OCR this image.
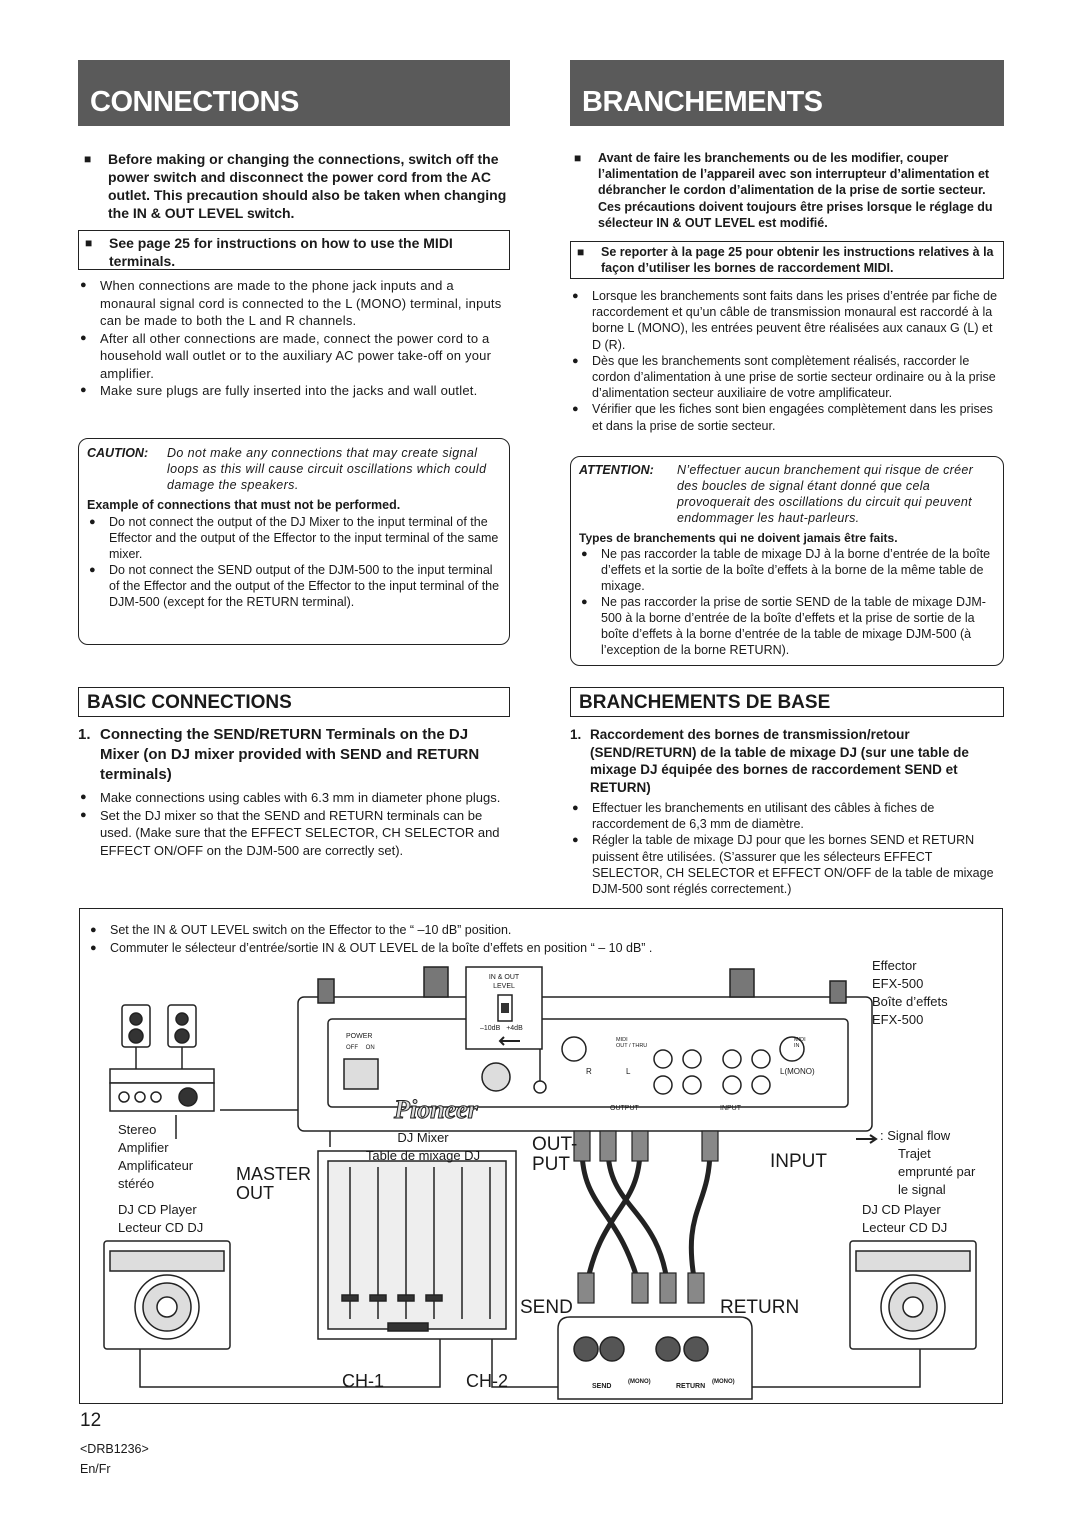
CONNECTIONS
■ Before making or changing the connections, switch off the power switch and disconnect the power cord from the AC outlet. This precaution should also be taken when changing the IN & OUT LEVEL switch.
■ See page 25 for instructions on how to use the MIDI terminals.
● When connections are made to the phone jack inputs and a monaural signal cord is connected to the L (MONO) terminal, inputs can be made to both the L and R channels.
● After all other connections are made, connect the power cord to a household wall outlet or to the auxiliary AC power take-off on your amplifier.
● Make sure plugs are fully inserted into the jacks and wall outlet.
CAUTION: Do not make any connections that may create signal loops as this will cause circuit oscillations which could damage the speakers.
Example of connections that must not be performed.
● Do not connect the output of the DJ Mixer to the input terminal of the Effector and the output of the Effector to the input terminal of the same mixer.
● Do not connect the SEND output of the DJM-500 to the input terminal of the Effector and the output of the Effector to the input terminal of the DJM-500 (except for the RETURN terminal).
BASIC CONNECTIONS
1. Connecting the SEND/RETURN Terminals on the DJ Mixer (on DJ mixer provided with SEND and RETURN terminals)
● Make connections using cables with 6.3 mm in diameter phone plugs.
● Set the DJ mixer so that the SEND and RETURN terminals can be used. (Make sure that the EFFECT SELECTOR, CH SELECTOR and EFFECT ON/OFF on the DJM-500 are correctly set).
BRANCHEMENTS
■ Avant de faire les branchements ou de les modifier, couper l’alimentation de l’appareil avec son interrupteur d’alimentation et débrancher le cordon d’alimentation de la prise de sortie secteur. Ces précautions doivent toujours être prises lorsque le réglage du sélecteur IN & OUT LEVEL est modifié.
■ Se reporter à la page 25 pour obtenir les instructions relatives à la façon d’utiliser les bornes de raccordement MIDI.
● Lorsque les branchements sont faits dans les prises d’entrée par fiche de raccordement et qu’un câble de transmission monaural est raccordé à la borne L (MONO), les entrées peuvent être réalisées aux canaux G (L) et D (R).
● Dès que les branchements sont complètement réalisés, raccorder le cordon d’alimentation à une prise de sortie secteur ordinaire ou à la prise d’alimentation secteur auxiliaire de votre amplificateur.
● Vérifier que les fiches sont bien engagées complètement dans les prises et dans la prise de sortie secteur.
ATTENTION: N’effectuer aucun branchement qui risque de créer des boucles de signal étant donné que cela provoquerait des oscillations du circuit qui peuvent endommager les haut-parleurs.
Types de branchements qui ne doivent jamais être faits.
● Ne pas raccorder la table de mixage DJ à la borne d’entrée de la boîte d’effets et la sortie de la boîte d’effets à la borne de la même table de mixage.
● Ne pas raccorder la prise de sortie SEND de la table de mixage DJM-500 à la borne d’entrée de la boîte d’effets et la prise de sortie de la boîte d’effets à la borne d’entrée de la table de mixage DJM-500 (à l’exception de la borne RETURN).
BRANCHEMENTS DE BASE
1. Raccordement des bornes de transmission/retour (SEND/RETURN) de la table de mixage DJ (sur une table de mixage DJ équipée des bornes de raccordement SEND et RETURN)
● Effectuer les branchements en utilisant des câbles à fiches de raccordement de 6,3 mm de diamètre.
● Régler la table de mixage DJ pour que les bornes SEND et RETURN puissent être utilisées. (S’assurer que les sélecteurs EFFECT SELECTOR, CH SELECTOR et EFFECT ON/OFF de la table de mixage DJM-500 sont réglés correctement.)
● Set the IN & OUT LEVEL switch on the Effector to the “ –10 dB” position.
● Commuter le sélecteur d’entrée/sortie IN & OUT LEVEL de la boîte d’effets en position “ – 10 dB” .
Effector
EFX-500
Boîte d’effets
EFX-500
IN & OUT
LEVEL
–10dB +4dB
POWER
OFF ON
MIDI
OUT / THRU
MIDI
IN
OUTPUT	INPUT
R	L	L(MONO)
Pioneer
Stereo
Amplifier
Amplificateur
stéréo
DJ Mixer
Table de mixage DJ
MASTER
OUT
OUT-
PUT	INPUT
: Signal flow
Trajet
emprunté par
le signal
DJ CD Player
Lecteur CD DJ
DJ CD Player
Lecteur CD DJ
SEND	RETURN
CH-1	CH-2	SEND	RETURN
(MONO)	(MONO)
12
<DRB1236>
En/Fr
